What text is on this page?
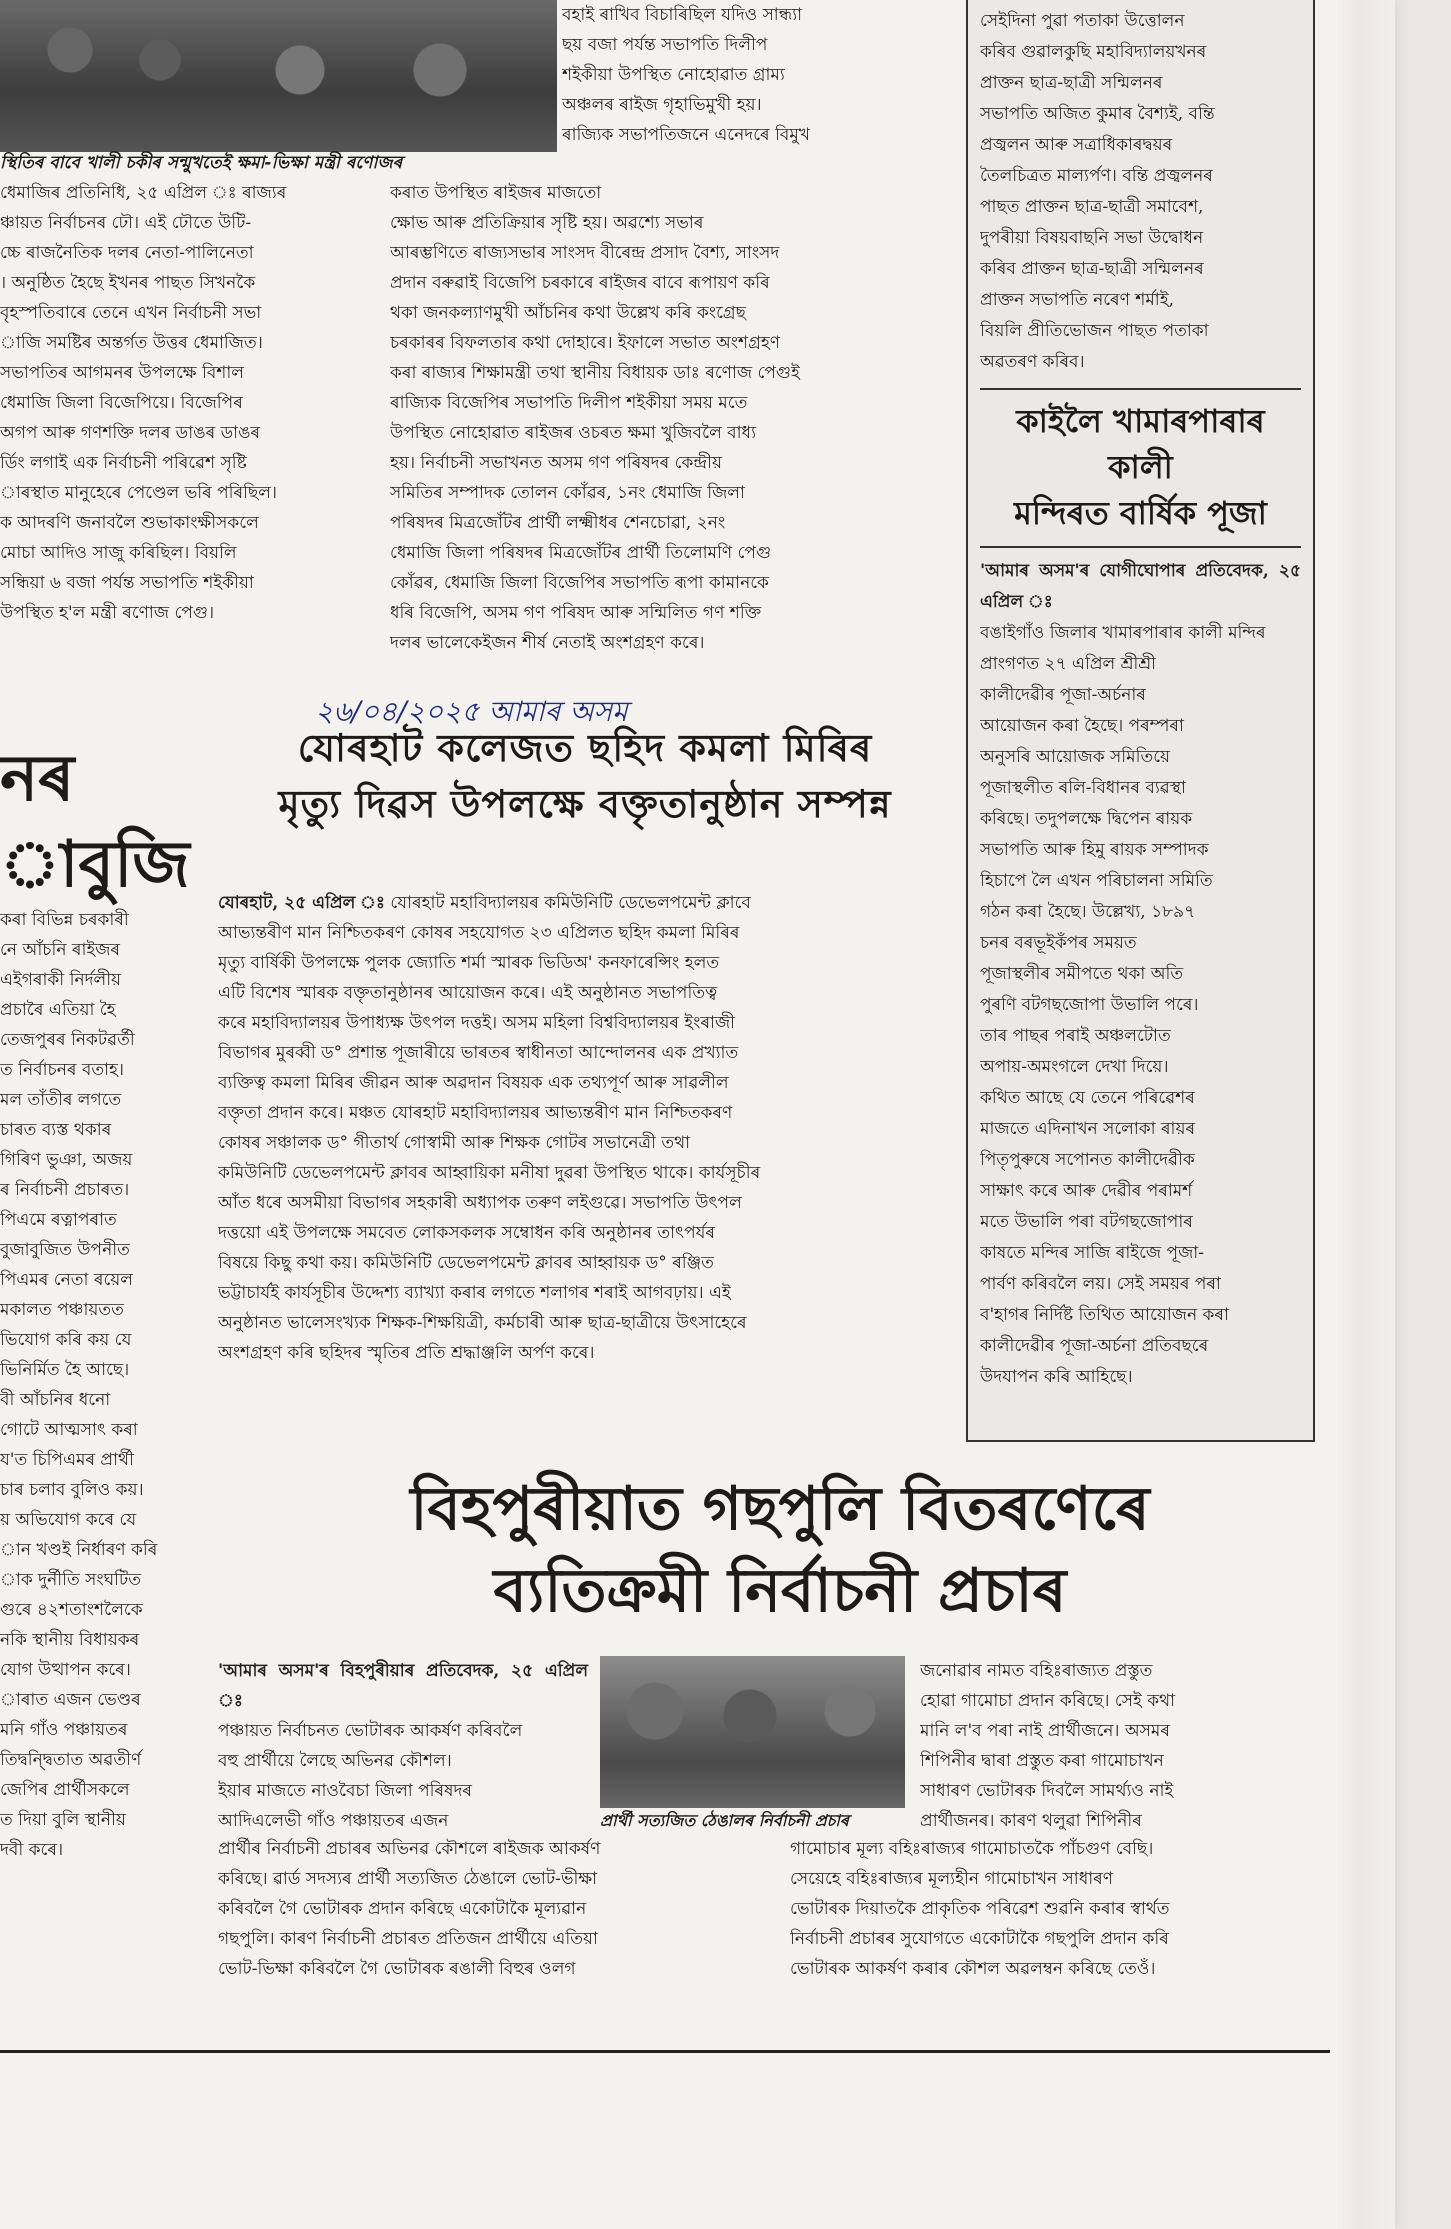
স্থিতিৰ বাবে খালী চকীৰ সন্মুখতেই ক্ষমা-ভিক্ষা মন্ত্ৰী ৰণোজৰ

ধেমাজিৰ প্ৰতিনিধি, ২৫ এপ্ৰিল ঃ ৰাজ্যৰ

ঞ্চায়ত নিৰ্বাচনৰ ঢৌ। এই ঢৌতে উটি-

চ্চে ৰাজনৈতিক দলৰ নেতা-পালিনেতা

। অনুষ্ঠিত হৈছে ইখনৰ পাছত সিখনকৈ

বৃহস্পতিবাৰে তেনে এখন নিৰ্বাচনী সভা

াজি সমষ্টিৰ অন্তৰ্গত উত্তৰ ধেমাজিত।

সভাপতিৰ আগমনৰ উপলক্ষে বিশাল

ধেমাজি জিলা বিজেপিয়ে। বিজেপিৰ

অগপ আৰু গণশক্তি দলৰ ডাঙৰ ডাঙৰ

ৰ্ডিং লগাই এক নিৰ্বাচনী পৰিৱেশ সৃষ্টি

াৰস্থাত মানুহেৰে পেণ্ডেল ভৰি পৰিছিল।

ক আদৰণি জনাবলৈ শুভাকাংক্ষীসকলে

মোচা আদিও সাজু কৰিছিল। বিয়লি

সন্ধিয়া ৬ বজা পৰ্যন্ত সভাপতি শইকীয়া

উপস্থিত হ'ল মন্ত্ৰী ৰণোজ পেগু।

বহাই ৰাখিব বিচাৰিছিল যদিও সান্ধ্যা

ছয় বজা পৰ্যন্ত সভাপতি দিলীপ

শইকীয়া উপস্থিত নোহোৱাত গ্ৰাম্য

অঞ্চলৰ ৰাইজ গৃহাভিমুখী হয়।

ৰাজ্যিক সভাপতিজনে এনেদৰে বিমুখ

কৰাত উপস্থিত ৰাইজৰ মাজতো

ক্ষোভ আৰু প্ৰতিক্ৰিয়াৰ সৃষ্টি হয়। অৱশ্যে সভাৰ

আৰম্ভণিতে ৰাজ্যসভাৰ সাংসদ বীৰেন্দ্ৰ প্ৰসাদ বৈশ্য, সাংসদ

প্ৰদান বৰুৱাই বিজেপি চৰকাৰে ৰাইজৰ বাবে ৰূপায়ণ কৰি

থকা জনকল্যাণমুখী আঁচনিৰ কথা উল্লেখ কৰি কংগ্ৰেছ

চৰকাৰৰ বিফলতাৰ কথা দোহাৰে। ইফালে সভাত অংশগ্ৰহণ

কৰা ৰাজ্যৰ শিক্ষামন্ত্ৰী তথা স্থানীয় বিধায়ক ডাঃ ৰণোজ পেগুই

ৰাজ্যিক বিজেপিৰ সভাপতি দিলীপ শইকীয়া সময় মতে

উপস্থিত নোহোৱাত ৰাইজৰ ওচৰত ক্ষমা খুজিবলৈ বাধ্য

হয়। নিৰ্বাচনী সভাখনত অসম গণ পৰিষদৰ কেন্দ্ৰীয়

সমিতিৰ সম্পাদক তোলন কোঁৱৰ, ১নং ধেমাজি জিলা

পৰিষদৰ মিত্ৰজোঁটৰ প্ৰাৰ্থী লক্ষ্মীধৰ শেনচোৱা, ২নং

ধেমাজি জিলা পৰিষদৰ মিত্ৰজোঁটৰ প্ৰাৰ্থী তিলোমণি পেগু

কোঁৱৰ, ধেমাজি জিলা বিজেপিৰ সভাপতি ৰূপা কামানকে

ধৰি বিজেপি, অসম গণ পৰিষদ আৰু সন্মিলিত গণ শক্তি

দলৰ ভালেকেইজন শীৰ্ষ নেতাই অংশগ্ৰহণ কৰে।

সেইদিনা পুৱা পতাকা উত্তোলন

কৰিব গুৱালকুছি মহাবিদ্যালয়খনৰ

প্ৰাক্তন ছাত্ৰ-ছাত্ৰী সন্মিলনৰ

সভাপতি অজিত কুমাৰ বৈশ্যই, বন্তি

প্ৰজ্বলন আৰু সত্ৰাধিকাৰদ্বয়ৰ

তৈলচিত্ৰত মাল্যৰ্পণ। বন্তি প্ৰজ্বলনৰ

পাছত প্ৰাক্তন ছাত্ৰ-ছাত্ৰী সমাবেশ,

দুপৰীয়া বিষয়বাছনি সভা উদ্বোধন

কৰিব প্ৰাক্তন ছাত্ৰ-ছাত্ৰী সন্মিলনৰ

প্ৰাক্তন সভাপতি নৰেণ শৰ্মাই,

বিয়লি প্ৰীতিভোজন পাছত পতাকা

অৱতৰণ কৰিব।

কাইলৈ খামাৰপাৰাৰ কালী
মন্দিৰত বাৰ্ষিক পূজা

'আমাৰ অসম'ৰ যোগীঘোপাৰ প্ৰতিবেদক, ২৫ এপ্ৰিল ঃ

বঙাইগাঁও জিলাৰ খামাৰপাৰাৰ কালী মন্দিৰ

প্ৰাংগণত ২৭ এপ্ৰিল শ্ৰীশ্ৰী

কালীদেৱীৰ পূজা-অৰ্চনাৰ

আয়োজন কৰা হৈছে। পৰম্পৰা

অনুসৰি আয়োজক সমিতিয়ে

পূজাস্থলীত ৰলি-বিধানৰ ব্যৱস্থা

কৰিছে। তদুপলক্ষে দ্বিপেন ৰায়ক

সভাপতি আৰু হিমু ৰায়ক সম্পাদক

হিচাপে লৈ এখন পৰিচালনা সমিতি

গঠন কৰা হৈছে। উল্লেখ্য, ১৮৯৭

চনৰ বৰভূইকঁপৰ সময়ত

পূজাস্থলীৰ সমীপতে থকা অতি

পুৰণি বটগছজোপা উভালি পৰে।

তাৰ পাছৰ পৰাই অঞ্চলটোত

অপায়-অমংগলে দেখা দিয়ে।

কথিত আছে যে তেনে পৰিৱেশৰ

মাজতে এদিনাখন সলোকা ৰায়ৰ

পিতৃপুৰুষে সপোনত কালীদেৱীক

সাক্ষাৎ কৰে আৰু দেৱীৰ পৰামৰ্শ

মতে উভালি পৰা বটগছজোপাৰ

কাষতে মন্দিৰ সাজি ৰাইজে পূজা-

পাৰ্বণ কৰিবলৈ লয়। সেই সময়ৰ পৰা

ব'হাগৰ নিৰ্দিষ্ট তিথিত আয়োজন কৰা

কালীদেৱীৰ পূজা-অৰ্চনা প্ৰতিবছৰে

উদযাপন কৰি আহিছে।

২৬/০৪/২০২৫ আমাৰ অসম
যোৰহাট কলেজত ছহিদ কমলা মিৰিৰ
মৃত্যু দিৱস উপলক্ষে বক্তৃতানুষ্ঠান সম্পন্ন

যোৰহাট, ২৫ এপ্ৰিল ঃ যোৰহাট মহাবিদ্যালয়ৰ কমিউনিটি ডেভেলপমেন্ট ক্লাবে

আভ্যন্তৰীণ মান নিশ্চিতকৰণ কোষৰ সহযোগত ২৩ এপ্ৰিলত ছহিদ কমলা মিৰিৰ

মৃত্যু বাৰ্ষিকী উপলক্ষে পুলক জ্যোতি শৰ্মা স্মাৰক ভিডিঅ' কনফাৰেন্সিং হলত

এটি বিশেষ স্মাৰক বক্তৃতানুষ্ঠানৰ আয়োজন কৰে। এই অনুষ্ঠানত সভাপতিত্ব

কৰে মহাবিদ্যালয়ৰ উপাধ্যক্ষ উৎপল দত্তই। অসম মহিলা বিশ্ববিদ্যালয়ৰ ইংৰাজী

বিভাগৰ মুৰব্বী ড° প্ৰশান্ত পূজাৰীয়ে ভাৰতৰ স্বাধীনতা আন্দোলনৰ এক প্ৰখ্যাত

ব্যক্তিত্ব কমলা মিৰিৰ জীৱন আৰু অৱদান বিষয়ক এক তথ্যপূৰ্ণ আৰু সাৱলীল

বক্তৃতা প্ৰদান কৰে। মঞ্চত যোৰহাট মহাবিদ্যালয়ৰ আভ্যন্তৰীণ মান নিশ্চিতকৰণ

কোষৰ সঞ্চালক ড° গীতাৰ্থ গোস্বামী আৰু শিক্ষক গোটৰ সভানেত্ৰী তথা

কমিউনিটি ডেভেলপমেন্ট ক্লাবৰ আহ্বায়িকা মনীষা দুৱৰা উপস্থিত থাকে। কাৰ্যসূচীৰ

আঁত ধৰে অসমীয়া বিভাগৰ সহকাৰী অধ্যাপক তৰুণ লইগুৱে। সভাপতি উৎপল

দত্তয়ো এই উপলক্ষে সমবেত লোকসকলক সম্বোধন কৰি অনুষ্ঠানৰ তাৎপৰ্যৰ

বিষয়ে কিছু কথা কয়। কমিউনিটি ডেভেলপমেন্ট ক্লাবৰ আহ্বায়ক ড° ৰঞ্জিত

ভট্টাচাৰ্যই কাৰ্যসূচীৰ উদ্দেশ্য ব্যাখ্যা কৰাৰ লগতে শলাগৰ শৰাই আগবঢ়ায়। এই

অনুষ্ঠানত ভালেসংখ্যক শিক্ষক-শিক্ষয়িত্ৰী, কৰ্মচাৰী আৰু ছাত্ৰ-ছাত্ৰীয়ে উৎসাহেৰে

অংশগ্ৰহণ কৰি ছহিদৰ স্মৃতিৰ প্ৰতি শ্ৰদ্ধাঞ্জলি অৰ্পণ কৰে।

নৰ
াবুজি

কৰা বিভিন্ন চৰকাৰী

নে আঁচনি ৰাইজৰ

এইগৰাকী নিৰ্দলীয়

প্ৰচাৰৈ এতিয়া হৈ

তেজপুৰৰ নিকটৱৰ্তী

ত নিৰ্বাচনৰ বতাহ।

মল তাঁতীৰ লগতে

চাৰত ব্যস্ত থকাৰ

গিৰিণ ভুঞা, অজয়

ৰ নিৰ্বাচনী প্ৰচাৰত।

পিএমে ৰত্নাপৰাত

বুজাবুজিত উপনীত

পিএমৰ নেতা ৰয়েল

মকালত পঞ্চায়তত

ভিযোগ কৰি কয় যে

ভিনিৰ্মিত হৈ আছে।

বী আঁচনিৰ ধনো

গোটে আত্মসাৎ কৰা

য'ত চিপিএমৰ প্ৰাৰ্থী

চাৰ চলাব বুলিও কয়।

য় অভিযোগ কৰে যে

ান খণ্ডই নিৰ্ধাৰণ কৰি

াক দুৰ্নীতি সংঘটিত

গুৰে ৪২শতাংশলৈকে

নকি স্থানীয় বিধায়কৰ

যোগ উত্থাপন কৰে।

াৰাত এজন ভেণ্ডৰ

মনি গাঁও পঞ্চায়তৰ

তিদ্বন্দ্বিতাত অৱতীৰ্ণ

জেপিৰ প্ৰাৰ্থীসকলে

ত দিয়া বুলি স্থানীয়

দবী কৰে।

বিহপুৰীয়াত গছপুলি বিতৰণেৰে
ব্যতিক্ৰমী নিৰ্বাচনী প্ৰচাৰ

'আমাৰ অসম'ৰ বিহপুৰীয়াৰ প্ৰতিবেদক, ২৫ এপ্ৰিল ঃ

পঞ্চায়ত নিৰ্বাচনত ভোটাৰক আকৰ্ষণ কৰিবলৈ

বহু প্ৰাৰ্থীয়ে লৈছে অভিনৱ কৌশল।

ইয়াৰ মাজতে নাওবৈচা জিলা পৰিষদৰ

আদিএলেভী গাঁও পঞ্চায়তৰ এজন	প্ৰাৰ্থী সত্যজিত ঠেঙালৰ নিৰ্বাচনী প্ৰচাৰ

প্ৰাৰ্থীৰ নিৰ্বাচনী প্ৰচাৰৰ অভিনৱ কৌশলে ৰাইজক আকৰ্ষণ

কৰিছে। ৱাৰ্ড সদস্যৰ প্ৰাৰ্থী সত্যজিত ঠেঙালে ভোট-ভীক্ষা

কৰিবলৈ গৈ ভোটাৰক প্ৰদান কৰিছে একোটাকৈ মূল্যৱান

গছপুলি। কাৰণ নিৰ্বাচনী প্ৰচাৰত প্ৰতিজন প্ৰাৰ্থীয়ে এতিয়া

ভোট-ভিক্ষা কৰিবলৈ গৈ ভোটাৰক ৰঙালী বিহুৰ ওলগ

জনোৱাৰ নামত বহিঃৰাজ্যত প্ৰস্তুত

হোৱা গামোচা প্ৰদান কৰিছে। সেই কথা

মানি ল'ব পৰা নাই প্ৰাৰ্থীজনে। অসমৰ

শিপিনীৰ দ্বাৰা প্ৰস্তুত কৰা গামোচাখন

সাধাৰণ ভোটাৰক দিবলৈ সামৰ্থ্যও নাই

প্ৰাৰ্থীজনৰ। কাৰণ থলুৱা শিপিনীৰ

গামোচাৰ মূল্য বহিঃৰাজ্যৰ গামোচাতকৈ পাঁচগুণ বেছি।

সেয়েহে বহিঃৰাজ্যৰ মূল্যহীন গামোচাখন সাধাৰণ

ভোটাৰক দিয়াতকৈ প্ৰাকৃতিক পৰিৱেশ শুৱনি কৰাৰ স্বাৰ্থত

নিৰ্বাচনী প্ৰচাৰৰ সুযোগতে একোটাকৈ গছপুলি প্ৰদান কৰি

ভোটাৰক আকৰ্ষণ কৰাৰ কৌশল অৱলম্বন কৰিছে তেওঁ।
